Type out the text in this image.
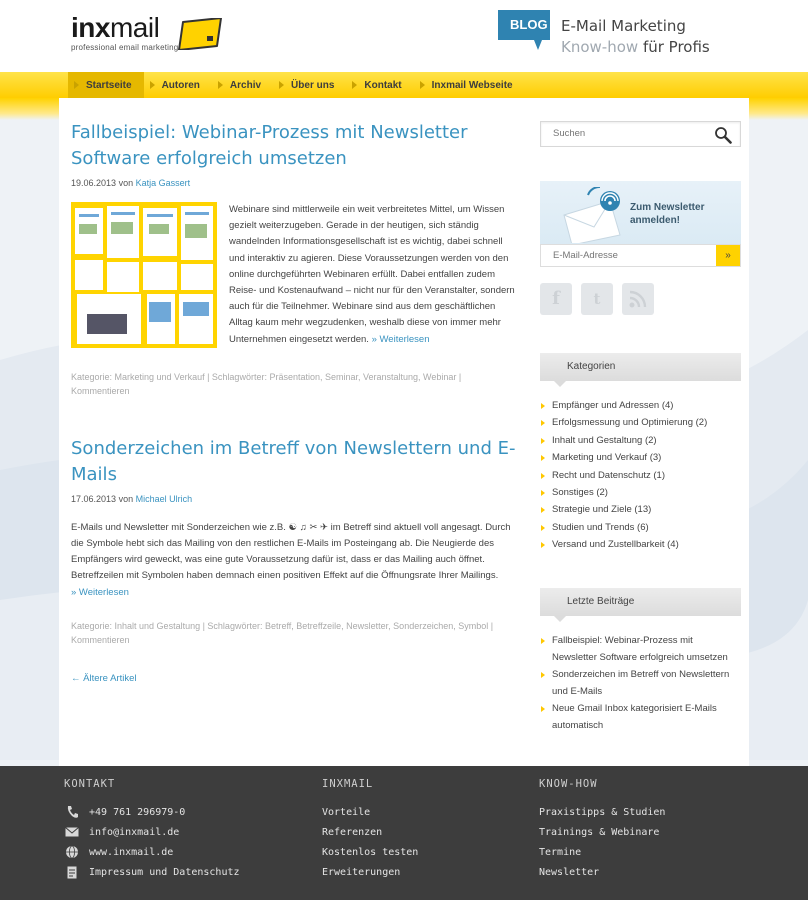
inxmail
professional email marketing
BLOG E-Mail Marketing
Know-how für Profis
Startseite	Autoren	Archiv	Über uns	Kontakt	Inxmail Webseite
Fallbeispiel: Webinar-Prozess mit Newsletter Software erfolgreich umsetzen
19.06.2013 von Katja Gassert
Webinare sind mittlerweile ein weit verbreitetes Mittel, um Wissen gezielt weiterzugeben. Gerade in der heutigen, sich ständig wandelnden Informationsgesellschaft ist es wichtig, dabei schnell und interaktiv zu agieren. Diese Voraussetzungen werden von den online durchgeführten Webinaren erfüllt. Dabei entfallen zudem Reise- und Kostenaufwand – nicht nur für den Veranstalter, sondern auch für die Teilnehmer. Webinare sind aus dem geschäftlichen Alltag kaum mehr wegzudenken, weshalb diese von immer mehr Unternehmen eingesetzt werden. » Weiterlesen
Kategorie: Marketing und Verkauf | Schlagwörter: Präsentation, Seminar, Veranstaltung, Webinar | Kommentieren
Sonderzeichen im Betreff von Newslettern und E-Mails
17.06.2013 von Michael Ulrich
E-Mails und Newsletter mit Sonderzeichen wie z.B. ☯ ♫ ✂ ✈ im Betreff sind aktuell voll angesagt. Durch die Symbole hebt sich das Mailing von den restlichen E-Mails im Posteingang ab. Die Neugierde des Empfängers wird geweckt, was eine gute Voraussetzung dafür ist, dass er das Mailing auch öffnet. Betreffzeilen mit Symbolen haben demnach einen positiven Effekt auf die Öffnungsrate Ihrer Mailings.
» Weiterlesen
Kategorie: Inhalt und Gestaltung | Schlagwörter: Betreff, Betreffzeile, Newsletter, Sonderzeichen, Symbol | Kommentieren
← Ältere Artikel
Suchen
Zum Newsletter
anmelden!
E-Mail-Adresse
»
f	t
Kategorien
Empfänger und Adressen (4)
Erfolgsmessung und Optimierung (2)
Inhalt und Gestaltung (2)
Marketing und Verkauf (3)
Recht und Datenschutz (1)
Sonstiges (2)
Strategie und Ziele (13)
Studien und Trends (6)
Versand und Zustellbarkeit (4)
Letzte Beiträge
Fallbeispiel: Webinar-Prozess mit Newsletter Software erfolgreich umsetzen
Sonderzeichen im Betreff von Newslettern und E-Mails
Neue Gmail Inbox kategorisiert E-Mails automatisch
KONTAKT
+49 761 296979-0
info@inxmail.de
www.inxmail.de
Impressum und Datenschutz
INXMAIL
Vorteile
Referenzen
Kostenlos testen
Erweiterungen
KNOW-HOW
Praxistipps & Studien
Trainings & Webinare
Termine
Newsletter
